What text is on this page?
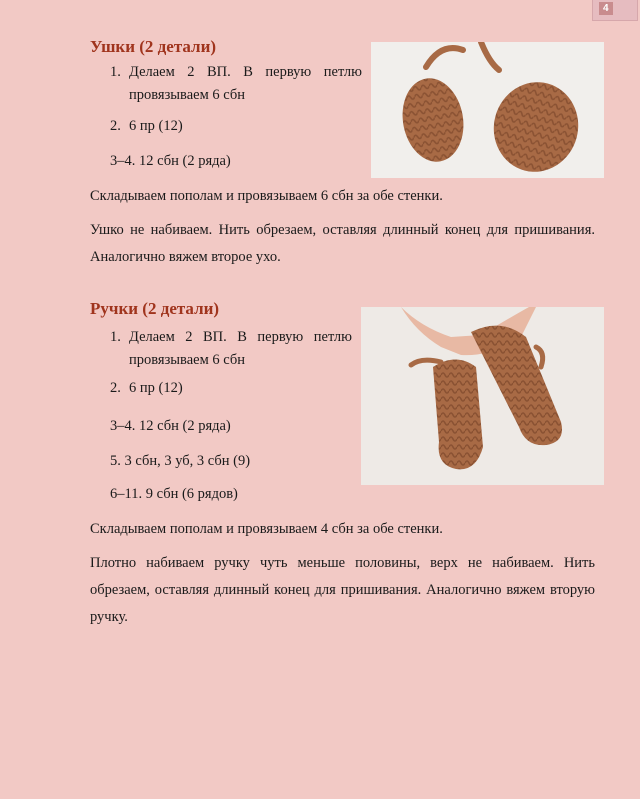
4
Ушки (2 детали)
1. Делаем 2 ВП. В первую петлю провязываем 6 сбн
2. 6 пр (12)
3–4. 12 сбн (2 ряда)

Складываем пополам и провязываем 6 сбн за обе стенки.

Ушко не набиваем. Нить обрезаем, оставляя длинный конец для пришивания. Аналогично вяжем второе ухо.

Ручки (2 детали)
1. Делаем 2 ВП. В первую петлю провязываем 6 сбн
2. 6 пр (12)
3–4. 12 сбн (2 ряда)
5. 3 сбн, 3 уб, 3 сбн (9)
6–11. 9 сбн (6 рядов)

Складываем пополам и провязываем 4 сбн за обе стенки.

Плотно набиваем ручку чуть меньше половины, верх не набиваем. Нить обрезаем, оставляя длинный конец для пришивания. Аналогично вяжем вторую ручку.
